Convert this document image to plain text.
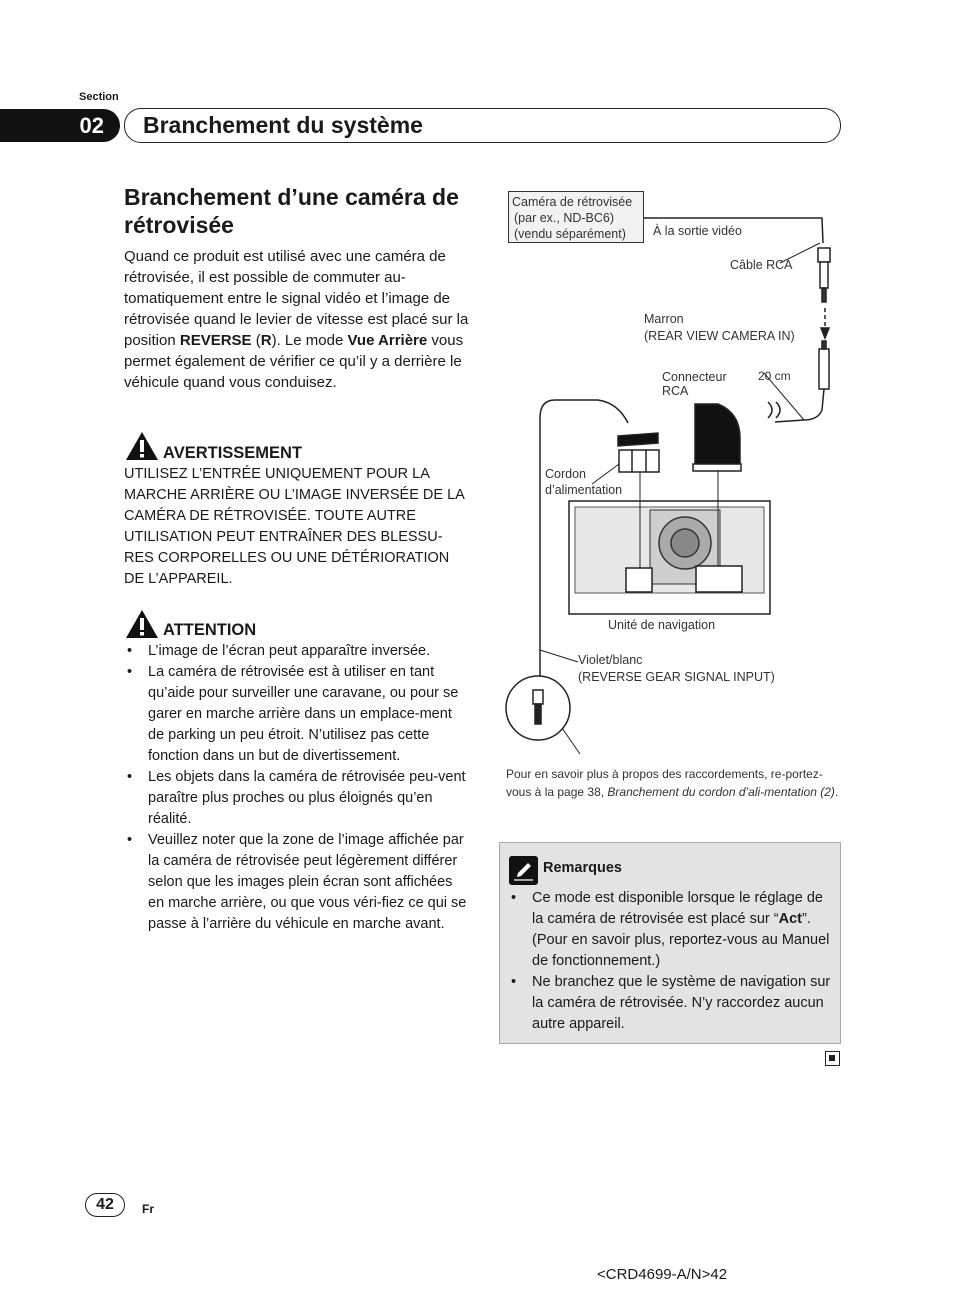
Section
02	Branchement du système
Branchement d’une caméra de rétrovisée

Quand ce produit est utilisé avec une caméra de rétrovisée, il est possible de commuter au-tomatiquement entre le signal vidéo et l’image de rétrovisée quand le levier de vitesse est placé sur la position REVERSE (R). Le mode Vue Arrière vous permet également de vérifier ce qu’il y a derrière le véhicule quand vous conduisez.

AVERTISSEMENT

UTILISEZ L’ENTRÉE UNIQUEMENT POUR LA MARCHE ARRIÈRE OU L’IMAGE INVERSÉE DE LA CAMÉRA DE RÉTROVISÉE. TOUTE AUTRE UTILISATION PEUT ENTRAÎNER DES BLESSU-RES CORPORELLES OU UNE DÉTÉRIORATION DE L’APPAREIL.

ATTENTION
• L’image de l’écran peut apparaître inversée.
• La caméra de rétrovisée est à utiliser en tant qu’aide pour surveiller une caravane, ou pour se garer en marche arrière dans un emplace-ment de parking un peu étroit. N’utilisez pas cette fonction dans un but de divertissement.
• Les objets dans la caméra de rétrovisée peu-vent paraître plus proches ou plus éloignés qu’en réalité.
• Veuillez noter que la zone de l’image affichée par la caméra de rétrovisée peut légèrement différer selon que les images plein écran sont affichées en marche arrière, ou que vous véri-fiez ce qui se passe à l’arrière du véhicule en marche avant.
Caméra de rétrovisée
(par ex., ND-BC6)
(vendu séparément)	À la sortie vidéo
Câble RCA
Marron
(REAR VIEW CAMERA IN)
Connecteur
RCA
20 cm
Cordon
d’alimentation
Unité de navigation
Violet/blanc
(REVERSE GEAR SIGNAL INPUT)

Pour en savoir plus à propos des raccordements, re-portez-vous à la page 38, Branchement du cordon d’ali-mentation (2).

Remarques
• Ce mode est disponible lorsque le réglage de la caméra de rétrovisée est placé sur “Act”. (Pour en savoir plus, reportez-vous au Manuel de fonctionnement.)
• Ne branchez que le système de navigation sur la caméra de rétrovisée. N’y raccordez aucun autre appareil.
42	Fr
<CRD4699-A/N>42
